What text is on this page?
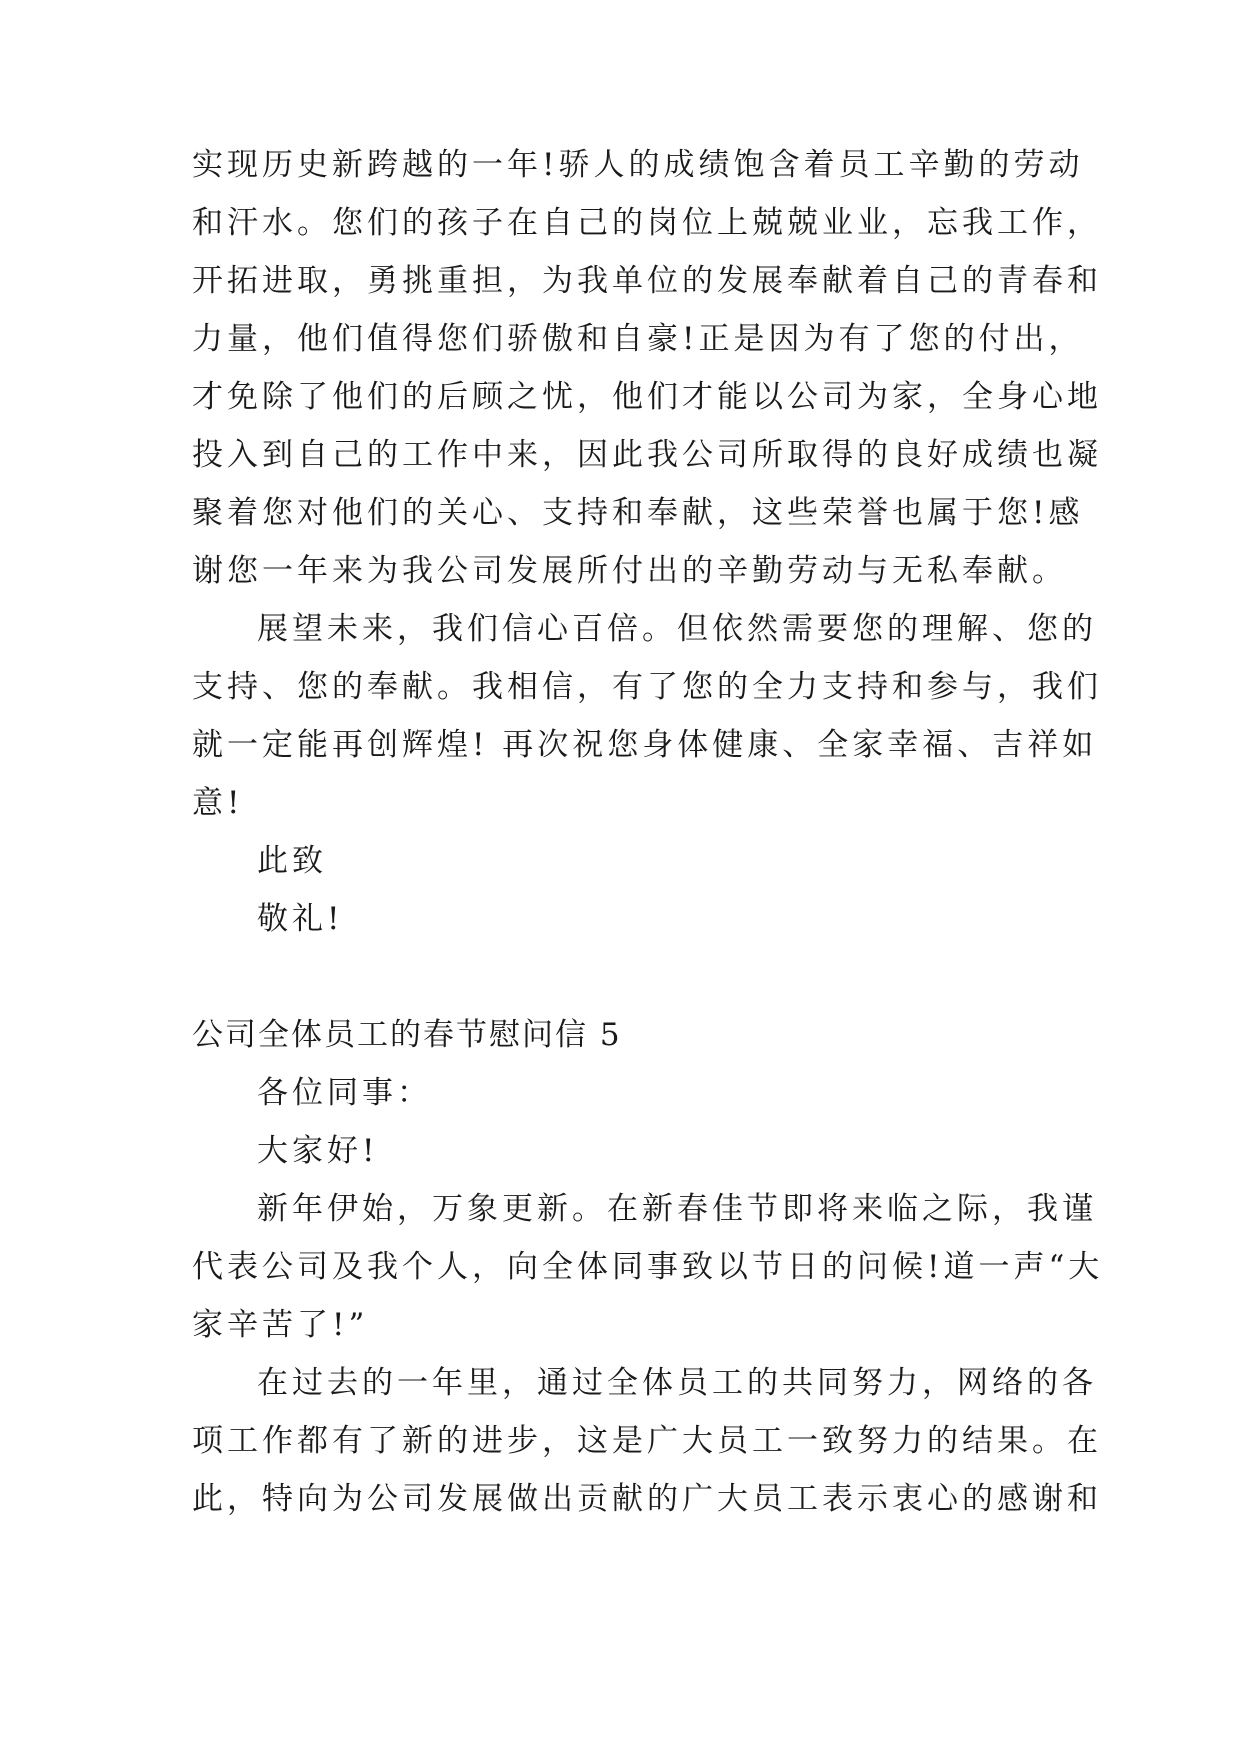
实现历史新跨越的一年!骄人的成绩饱含着员工辛勤的劳动
和汗水。您们的孩子在自己的岗位上兢兢业业，忘我工作，
开拓进取，勇挑重担，为我单位的发展奉献着自己的青春和
力量，他们值得您们骄傲和自豪!正是因为有了您的付出，
才免除了他们的后顾之忧，他们才能以公司为家，全身心地
投入到自己的工作中来，因此我公司所取得的良好成绩也凝
聚着您对他们的关心、支持和奉献，这些荣誉也属于您!感
谢您一年来为我公司发展所付出的辛勤劳动与无私奉献。
展望未来，我们信心百倍。但依然需要您的理解、您的
支持、您的奉献。我相信，有了您的全力支持和参与，我们
就一定能再创辉煌! 再次祝您身体健康、全家幸福、吉祥如
意!
此致
敬礼!
公司全体员工的春节慰问信 5
各位同事：
大家好!
新年伊始，万象更新。在新春佳节即将来临之际，我谨
代表公司及我个人，向全体同事致以节日的问候!道一声“大
家辛苦了!”
在过去的一年里，通过全体员工的共同努力，网络的各
项工作都有了新的进步，这是广大员工一致努力的结果。在
此，特向为公司发展做出贡献的广大员工表示衷心的感谢和
